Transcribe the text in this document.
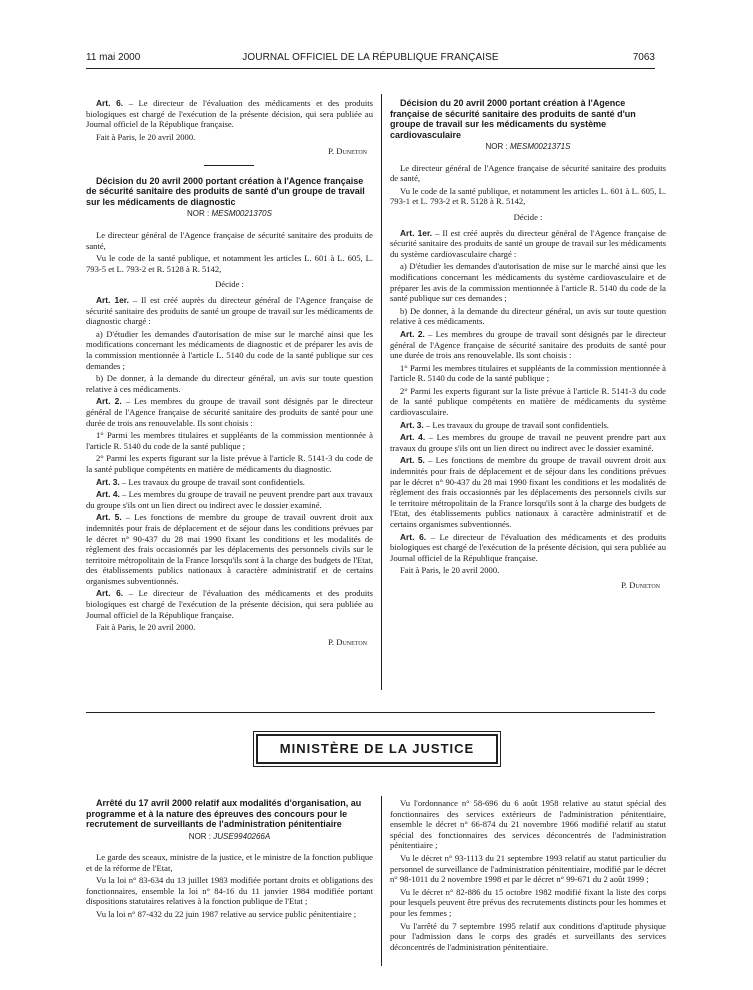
11 mai 2000	JOURNAL OFFICIEL DE LA RÉPUBLIQUE FRANÇAISE	7063

Art. 6. – Le directeur de l'évaluation des médicaments et des produits biologiques est chargé de l'exécution de la présente décision, qui sera publiée au Journal officiel de la République française.

Fait à Paris, le 20 avril 2000.

P. Duneton

Décision du 20 avril 2000 portant création à l'Agence française de sécurité sanitaire des produits de santé d'un groupe de travail sur les médicaments de diagnostic

NOR : MESM0021370S

Le directeur général de l'Agence française de sécurité sanitaire des produits de santé,

Vu le code de la santé publique, et notamment les articles L. 601 à L. 605, L. 793-5 et L. 793-2 et R. 5128 à R. 5142,

Décide :

Art. 1er. – Il est créé auprès du directeur général de l'Agence française de sécurité sanitaire des produits de santé un groupe de travail sur les médicaments de diagnostic chargé :

a) D'étudier les demandes d'autorisation de mise sur le marché ainsi que les modifications concernant les médicaments de diagnostic et de préparer les avis de la commission mentionnée à l'article L. 5140 du code de la santé publique sur ces demandes ;

b) De donner, à la demande du directeur général, un avis sur toute question relative à ces médicaments.

Art. 2. – Les membres du groupe de travail sont désignés par le directeur général de l'Agence française de sécurité sanitaire des produits de santé pour une durée de trois ans renouvelable. Ils sont choisis :

1° Parmi les membres titulaires et suppléants de la commission mentionnée à l'article R. 5140 du code de la santé publique ;

2° Parmi les experts figurant sur la liste prévue à l'article R. 5141-3 du code de la santé publique compétents en matière de médicaments du diagnostic.

Art. 3. – Les travaux du groupe de travail sont confidentiels.

Art. 4. – Les membres du groupe de travail ne peuvent prendre part aux travaux du groupe s'ils ont un lien direct ou indirect avec le dossier examiné.

Art. 5. – Les fonctions de membre du groupe de travail ouvrent droit aux indemnités pour frais de déplacement et de séjour dans les conditions prévues par le décret n° 90-437 du 28 mai 1990 fixant les conditions et les modalités de règlement des frais occasionnés par les déplacements des personnels civils sur le territoire métropolitain de la France lorsqu'ils sont à la charge des budgets de l'Etat, des établissements publics nationaux à caractère administratif et de certains organismes subventionnés.

Art. 6. – Le directeur de l'évaluation des médicaments et des produits biologiques est chargé de l'exécution de la présente décision, qui sera publiée au Journal officiel de la République française.

Fait à Paris, le 20 avril 2000.

P. Duneton

Décision du 20 avril 2000 portant création à l'Agence française de sécurité sanitaire des produits de santé d'un groupe de travail sur les médicaments du système cardiovasculaire

NOR : MESM0021371S

Le directeur général de l'Agence française de sécurité sanitaire des produits de santé,

Vu le code de la santé publique, et notamment les articles L. 601 à L. 605, L. 793-1 et L. 793-2 et R. 5128 à R. 5142,

Décide :

Art. 1er. – Il est créé auprès du directeur général de l'Agence française de sécurité sanitaire des produits de santé un groupe de travail sur les médicaments du système cardiovasculaire chargé :

a) D'étudier les demandes d'autorisation de mise sur le marché ainsi que les modifications concernant les médicaments du système cardiovasculaire et de préparer les avis de la commission mentionnée à l'article R. 5140 du code de la santé publique sur ces demandes ;

b) De donner, à la demande du directeur général, un avis sur toute question relative à ces médicaments.

Art. 2. – Les membres du groupe de travail sont désignés par le directeur général de l'Agence française de sécurité sanitaire des produits de santé pour une durée de trois ans renouvelable. Ils sont choisis :

1° Parmi les membres titulaires et suppléants de la commission mentionnée à l'article R. 5140 du code de la santé publique ;

2° Parmi les experts figurant sur la liste prévue à l'article R. 5141-3 du code de la santé publique compétents en matière de médicaments du système cardiovasculaire.

Art. 3. – Les travaux du groupe de travail sont confidentiels.

Art. 4. – Les membres du groupe de travail ne peuvent prendre part aux travaux du groupe s'ils ont un lien direct ou indirect avec le dossier examiné.

Art. 5. – Les fonctions de membre du groupe de travail ouvrent droit aux indemnités pour frais de déplacement et de séjour dans les conditions prévues par le décret n° 90-437 du 28 mai 1990 fixant les conditions et les modalités de règlement des frais occasionnés par les déplacements des personnels civils sur le territoire métropolitain de la France lorsqu'ils sont à la charge des budgets de l'Etat, des établissements publics nationaux à caractère administratif et de certains organismes subventionnés.

Art. 6. – Le directeur de l'évaluation des médicaments et des produits biologiques est chargé de l'exécution de la présente décision, qui sera publiée au Journal officiel de la République française.

Fait à Paris, le 20 avril 2000.

P. Duneton
MINISTÈRE DE LA JUSTICE

Arrêté du 17 avril 2000 relatif aux modalités d'organisation, au programme et à la nature des épreuves des concours pour le recrutement de surveillants de l'administration pénitentiaire

NOR : JUSE9940266A

Le garde des sceaux, ministre de la justice, et le ministre de la fonction publique et de la réforme de l'Etat,

Vu la loi n° 83-634 du 13 juillet 1983 modifiée portant droits et obligations des fonctionnaires, ensemble la loi n° 84-16 du 11 janvier 1984 modifiée portant dispositions statutaires relatives à la fonction publique de l'Etat ;

Vu la loi n° 87-432 du 22 juin 1987 relative au service public pénitentiaire ;

Vu l'ordonnance n° 58-696 du 6 août 1958 relative au statut spécial des fonctionnaires des services extérieurs de l'administration pénitentiaire, ensemble le décret n° 66-874 du 21 novembre 1966 modifié relatif au statut spécial des fonctionnaires des services déconcentrés de l'administration pénitentiaire ;

Vu le décret n° 93-1113 du 21 septembre 1993 relatif au statut particulier du personnel de surveillance de l'administration pénitentiaire, modifié par le décret n° 98-1011 du 2 novembre 1998 et par le décret n° 99-671 du 2 août 1999 ;

Vu le décret n° 82-886 du 15 octobre 1982 modifié fixant la liste des corps pour lesquels peuvent être prévus des recrutements distincts pour les hommes et pour les femmes ;

Vu l'arrêté du 7 septembre 1995 relatif aux conditions d'aptitude physique pour l'admission dans le corps des gradés et surveillants des services déconcentrés de l'administration pénitentiaire.
